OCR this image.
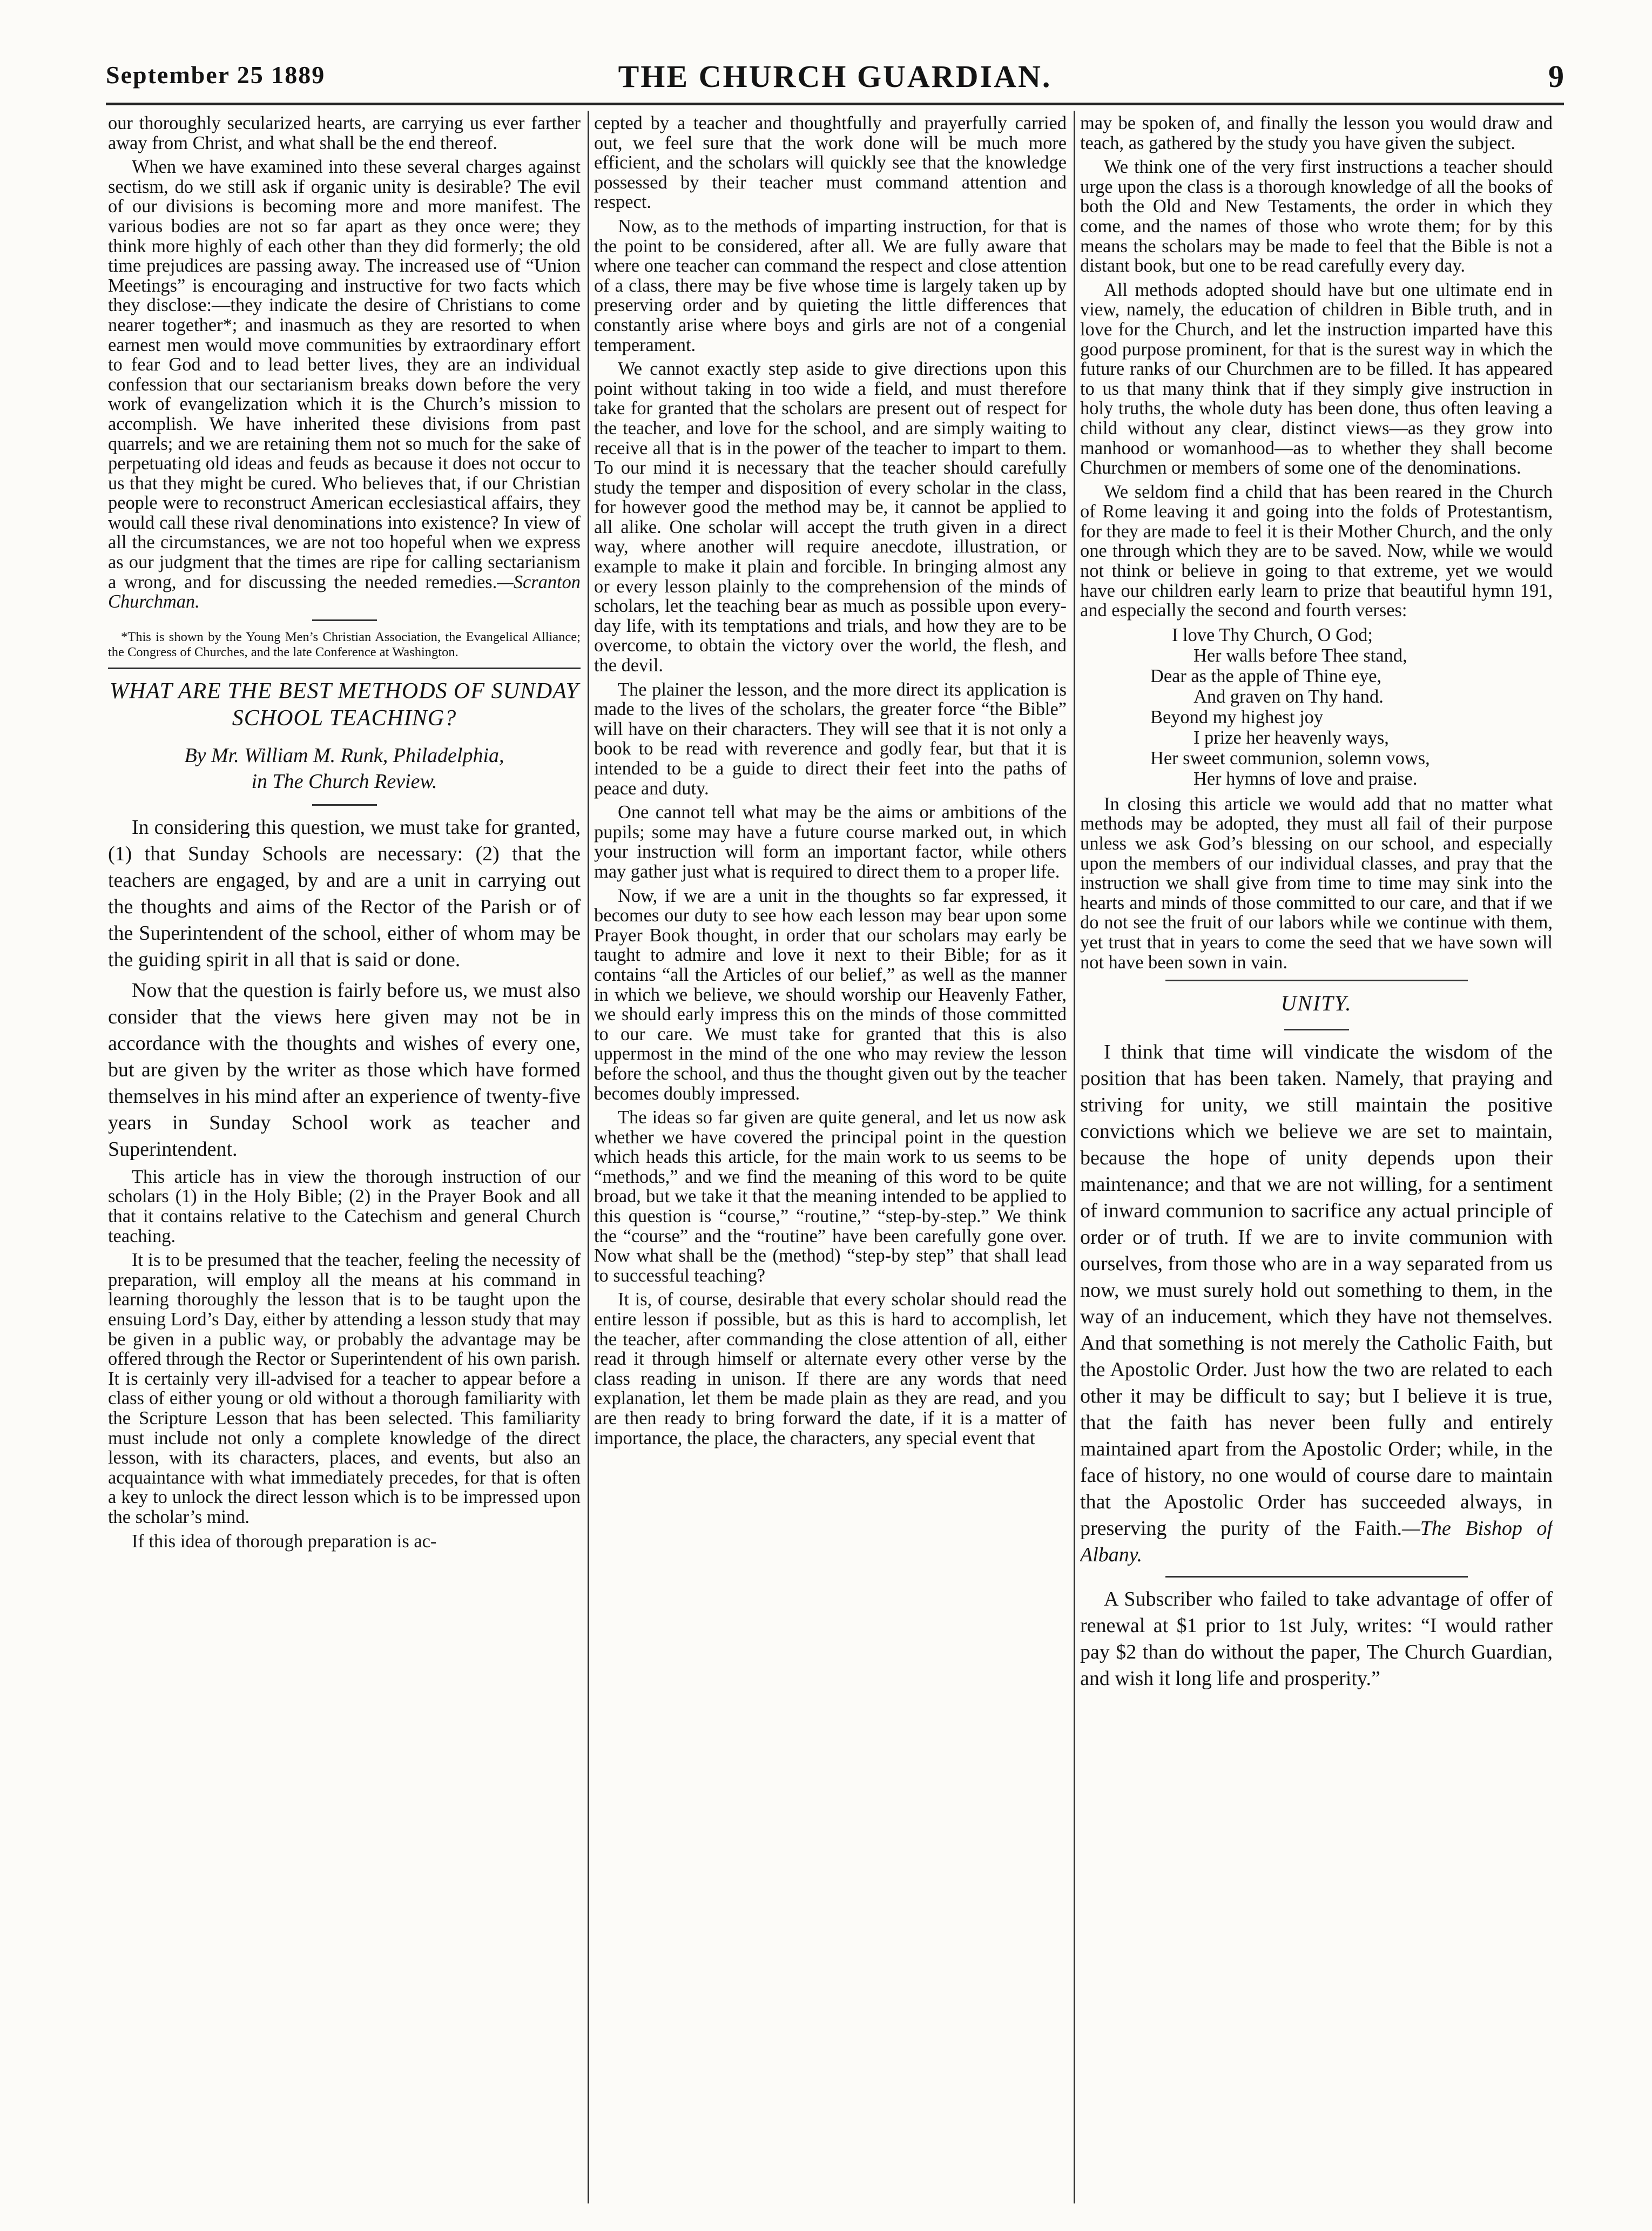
September 25 1889	THE CHURCH GUARDIAN.	9

our thoroughly secularized hearts, are carrying us ever farther away from Christ, and what shall be the end thereof.

When we have examined into these several charges against sectism, do we still ask if organic unity is desirable? The evil of our divisions is becoming more and more manifest. The various bodies are not so far apart as they once were; they think more highly of each other than they did formerly; the old time prejudices are passing away. The increased use of “Union Meetings” is encouraging and instructive for two facts which they disclose:—they indicate the desire of Christians to come nearer together*; and inasmuch as they are resorted to when earnest men would move communities by extraordinary effort to fear God and to lead better lives, they are an individual confession that our sectarianism breaks down before the very work of evangelization which it is the Church’s mission to accomplish. We have inherited these divisions from past quarrels; and we are retaining them not so much for the sake of perpetuating old ideas and feuds as because it does not occur to us that they might be cured. Who believes that, if our Christian people were to reconstruct American ecclesiastical affairs, they would call these rival denominations into existence? In view of all the circumstances, we are not too hopeful when we express as our judgment that the times are ripe for calling sectarianism a wrong, and for discussing the needed remedies.—Scranton Churchman.

*This is shown by the Young Men’s Christian Association, the Evangelical Alliance; the Congress of Churches, and the late Conference at Washington.

WHAT ARE THE BEST METHODS OF SUNDAY SCHOOL TEACHING?
By Mr. William M. Runk, Philadelphia,
in The Church Review.

In considering this question, we must take for granted, (1) that Sunday Schools are necessary: (2) that the teachers are engaged, by and are a unit in carrying out the thoughts and aims of the Rector of the Parish or of the Superintendent of the school, either of whom may be the guiding spirit in all that is said or done.

Now that the question is fairly before us, we must also consider that the views here given may not be in accordance with the thoughts and wishes of every one, but are given by the writer as those which have formed themselves in his mind after an experience of twenty-five years in Sunday School work as teacher and Superintendent.

This article has in view the thorough instruction of our scholars (1) in the Holy Bible; (2) in the Prayer Book and all that it contains relative to the Catechism and general Church teaching.

It is to be presumed that the teacher, feeling the necessity of preparation, will employ all the means at his command in learning thoroughly the lesson that is to be taught upon the ensuing Lord’s Day, either by attending a lesson study that may be given in a public way, or probably the advantage may be offered through the Rector or Superintendent of his own parish. It is certainly very ill-advised for a teacher to appear before a class of either young or old without a thorough familiarity with the Scripture Lesson that has been selected. This familiarity must include not only a complete knowledge of the direct lesson, with its characters, places, and events, but also an acquaintance with what immediately precedes, for that is often a key to unlock the direct lesson which is to be impressed upon the scholar’s mind.

If this idea of thorough preparation is ac-

cepted by a teacher and thoughtfully and prayerfully carried out, we feel sure that the work done will be much more efficient, and the scholars will quickly see that the knowledge possessed by their teacher must command attention and respect.

Now, as to the methods of imparting instruction, for that is the point to be considered, after all. We are fully aware that where one teacher can command the respect and close attention of a class, there may be five whose time is largely taken up by preserving order and by quieting the little differences that constantly arise where boys and girls are not of a congenial temperament.

We cannot exactly step aside to give directions upon this point without taking in too wide a field, and must therefore take for granted that the scholars are present out of respect for the teacher, and love for the school, and are simply waiting to receive all that is in the power of the teacher to impart to them. To our mind it is necessary that the teacher should carefully study the temper and disposition of every scholar in the class, for however good the method may be, it cannot be applied to all alike. One scholar will accept the truth given in a direct way, where another will require anecdote, illustration, or example to make it plain and forcible. In bringing almost any or every lesson plainly to the comprehension of the minds of scholars, let the teaching bear as much as possible upon every-day life, with its temptations and trials, and how they are to be overcome, to obtain the victory over the world, the flesh, and the devil.

The plainer the lesson, and the more direct its application is made to the lives of the scholars, the greater force “the Bible” will have on their characters. They will see that it is not only a book to be read with reverence and godly fear, but that it is intended to be a guide to direct their feet into the paths of peace and duty.

One cannot tell what may be the aims or ambitions of the pupils; some may have a future course marked out, in which your instruction will form an important factor, while others may gather just what is required to direct them to a proper life.

Now, if we are a unit in the thoughts so far expressed, it becomes our duty to see how each lesson may bear upon some Prayer Book thought, in order that our scholars may early be taught to admire and love it next to their Bible; for as it contains “all the Articles of our belief,” as well as the manner in which we believe, we should worship our Heavenly Father, we should early impress this on the minds of those committed to our care. We must take for granted that this is also uppermost in the mind of the one who may review the lesson before the school, and thus the thought given out by the teacher becomes doubly impressed.

The ideas so far given are quite general, and let us now ask whether we have covered the principal point in the question which heads this article, for the main work to us seems to be “methods,” and we find the meaning of this word to be quite broad, but we take it that the meaning intended to be applied to this question is “course,” “routine,” “step-by-step.” We think the “course” and the “routine” have been carefully gone over. Now what shall be the (method) “step-by step” that shall lead to successful teaching?

It is, of course, desirable that every scholar should read the entire lesson if possible, but as this is hard to accomplish, let the teacher, after commanding the close attention of all, either read it through himself or alternate every other verse by the class reading in unison. If there are any words that need explanation, let them be made plain as they are read, and you are then ready to bring forward the date, if it is a matter of importance, the place, the characters, any special event that

may be spoken of, and finally the lesson you would draw and teach, as gathered by the study you have given the subject.

We think one of the very first instructions a teacher should urge upon the class is a thorough knowledge of all the books of both the Old and New Testaments, the order in which they come, and the names of those who wrote them; for by this means the scholars may be made to feel that the Bible is not a distant book, but one to be read carefully every day.

All methods adopted should have but one ultimate end in view, namely, the education of children in Bible truth, and in love for the Church, and let the instruction imparted have this good purpose prominent, for that is the surest way in which the future ranks of our Churchmen are to be filled. It has appeared to us that many think that if they simply give instruction in holy truths, the whole duty has been done, thus often leaving a child without any clear, distinct views—as they grow into manhood or womanhood—as to whether they shall become Churchmen or members of some one of the denominations.

We seldom find a child that has been reared in the Church of Rome leaving it and going into the folds of Protestantism, for they are made to feel it is their Mother Church, and the only one through which they are to be saved. Now, while we would not think or believe in going to that extreme, yet we would have our children early learn to prize that beautiful hymn 191, and especially the second and fourth verses:

I love Thy Church, O God;
Her walls before Thee stand,
Dear as the apple of Thine eye,
And graven on Thy hand.
Beyond my highest joy
I prize her heavenly ways,
Her sweet communion, solemn vows,
Her hymns of love and praise.

In closing this article we would add that no matter what methods may be adopted, they must all fail of their purpose unless we ask God’s blessing on our school, and especially upon the members of our individual classes, and pray that the instruction we shall give from time to time may sink into the hearts and minds of those committed to our care, and that if we do not see the fruit of our labors while we continue with them, yet trust that in years to come the seed that we have sown will not have been sown in vain.

UNITY.

I think that time will vindicate the wisdom of the position that has been taken. Namely, that praying and striving for unity, we still maintain the positive convictions which we believe we are set to maintain, because the hope of unity depends upon their maintenance; and that we are not willing, for a sentiment of inward communion to sacrifice any actual principle of order or of truth. If we are to invite communion with ourselves, from those who are in a way separated from us now, we must surely hold out something to them, in the way of an inducement, which they have not themselves. And that something is not merely the Catholic Faith, but the Apostolic Order. Just how the two are related to each other it may be difficult to say; but I believe it is true, that the faith has never been fully and entirely maintained apart from the Apostolic Order; while, in the face of history, no one would of course dare to maintain that the Apostolic Order has succeeded always, in preserving the purity of the Faith.—The Bishop of Albany.

A Subscriber who failed to take advantage of offer of renewal at $1 prior to 1st July, writes: “I would rather pay $2 than do without the paper, The Church Guardian, and wish it long life and prosperity.”
